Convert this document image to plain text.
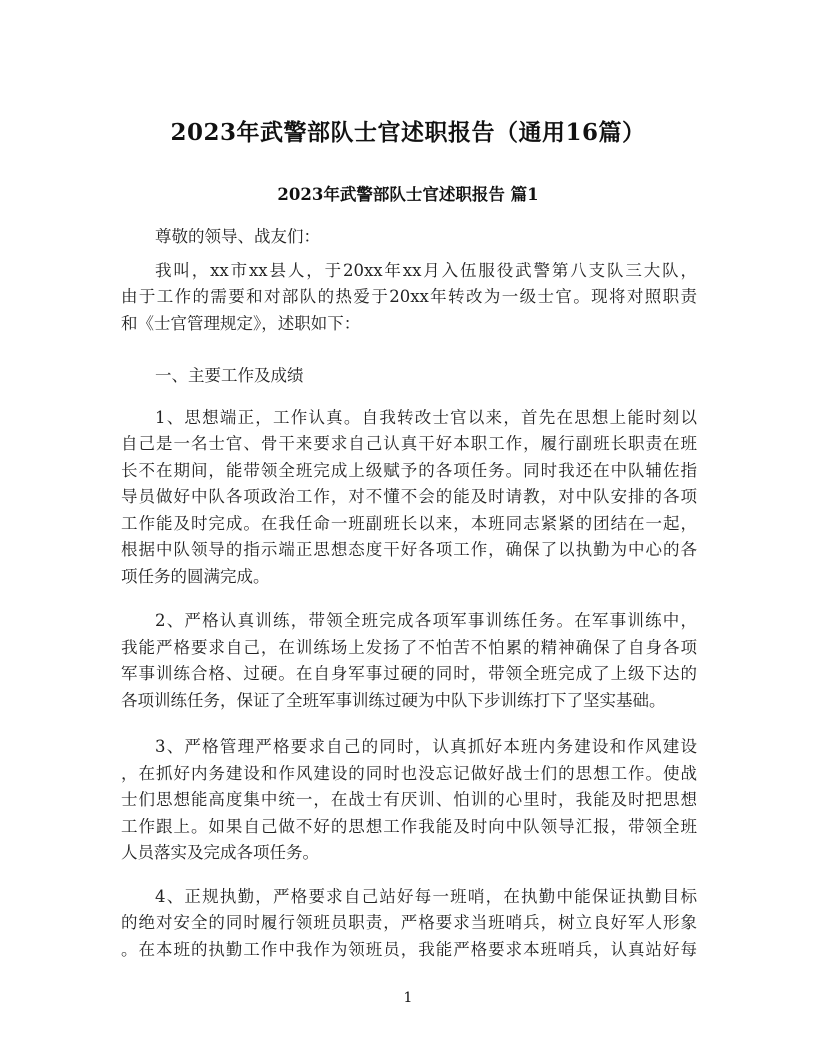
2023年武警部队士官述职报告（通用16篇）
2023年武警部队士官述职报告 篇1
尊敬的领导、战友们：
我叫，xx市xx县人，于20xx年xx月入伍服役武警第八支队三大队，
由于工作的需要和对部队的热爱于20xx年转改为一级士官。现将对照职责
和《士官管理规定》，述职如下：
一、主要工作及成绩
1、思想端正，工作认真。自我转改士官以来，首先在思想上能时刻以
自己是一名士官、骨干来要求自己认真干好本职工作，履行副班长职责在班
长不在期间，能带领全班完成上级赋予的各项任务。同时我还在中队辅佐指
导员做好中队各项政治工作，对不懂不会的能及时请教，对中队安排的各项
工作能及时完成。在我任命一班副班长以来，本班同志紧紧的团结在一起，
根据中队领导的指示端正思想态度干好各项工作，确保了以执勤为中心的各
项任务的圆满完成。
2、严格认真训练，带领全班完成各项军事训练任务。在军事训练中，
我能严格要求自己，在训练场上发扬了不怕苦不怕累的精神确保了自身各项
军事训练合格、过硬。在自身军事过硬的同时，带领全班完成了上级下达的
各项训练任务，保证了全班军事训练过硬为中队下步训练打下了坚实基础。
3、严格管理严格要求自己的同时，认真抓好本班内务建设和作风建设
，在抓好内务建设和作风建设的同时也没忘记做好战士们的思想工作。使战
士们思想能高度集中统一，在战士有厌训、怕训的心里时，我能及时把思想
工作跟上。如果自己做不好的思想工作我能及时向中队领导汇报，带领全班
人员落实及完成各项任务。
4、正规执勤，严格要求自己站好每一班哨，在执勤中能保证执勤目标
的绝对安全的同时履行领班员职责，严格要求当班哨兵，树立良好军人形象
。在本班的执勤工作中我作为领班员，我能严格要求本班哨兵，认真站好每
1
